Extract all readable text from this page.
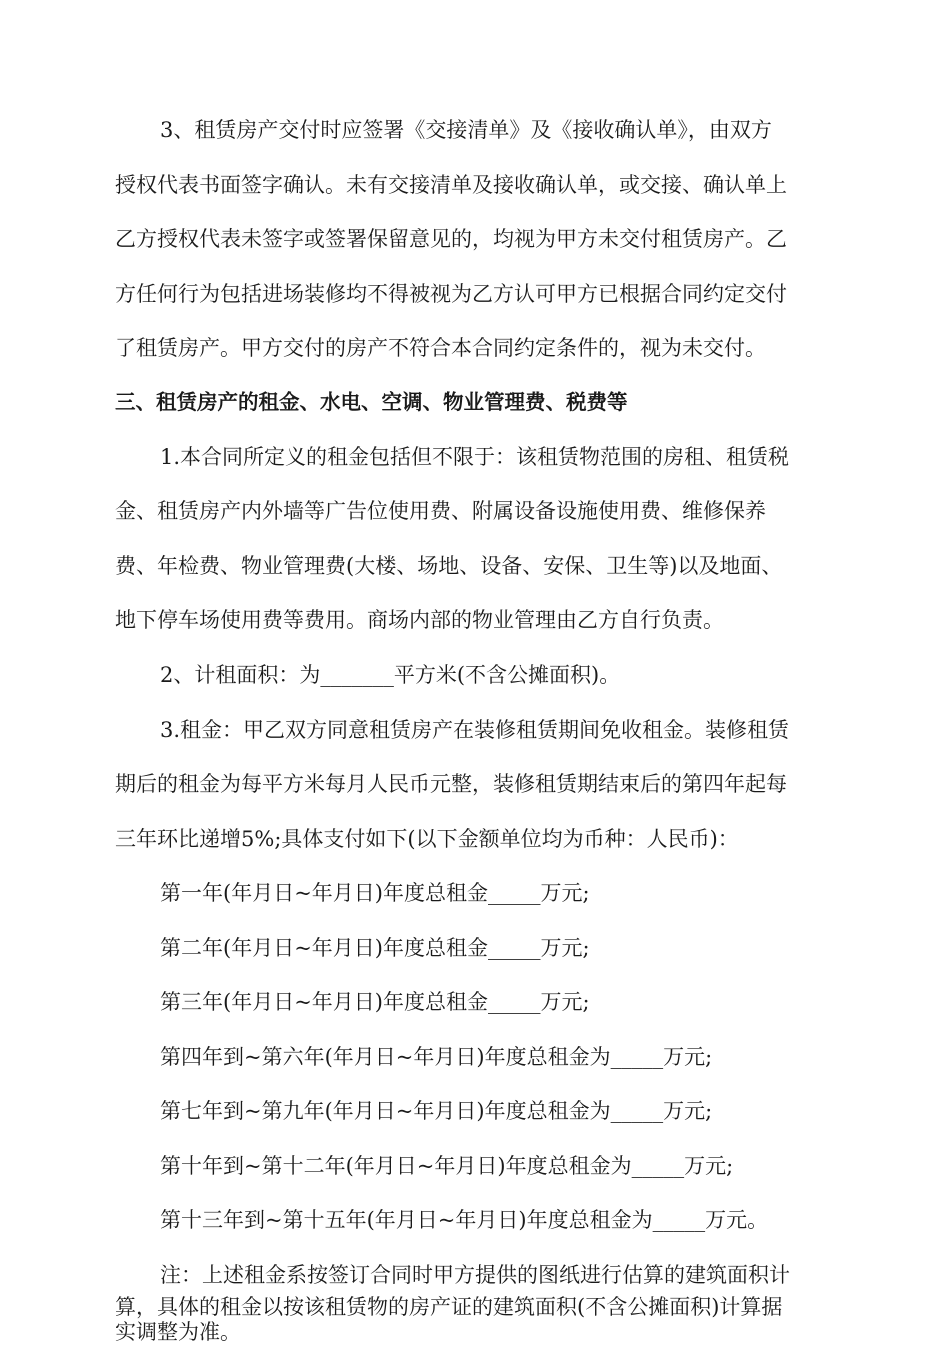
3、租赁房产交付时应签署《交接清单》及《接收确认单》，由双方
授权代表书面签字确认。未有交接清单及接收确认单，或交接、确认单上
乙方授权代表未签字或签署保留意见的，均视为甲方未交付租赁房产。乙
方任何行为包括进场装修均不得被视为乙方认可甲方已根据合同约定交付
了租赁房产。甲方交付的房产不符合本合同约定条件的，视为未交付。
三、租赁房产的租金、水电、空调、物业管理费、税费等
1.本合同所定义的租金包括但不限于：该租赁物范围的房租、租赁税
金、租赁房产内外墙等广告位使用费、附属设备设施使用费、维修保养
费、年检费、物业管理费(大楼、场地、设备、安保、卫生等)以及地面、
地下停车场使用费等费用。商场内部的物业管理由乙方自行负责。
2、计租面积：为_______平方米(不含公摊面积)。
3.租金：甲乙双方同意租赁房产在装修租赁期间免收租金。装修租赁
期后的租金为每平方米每月人民币元整，装修租赁期结束后的第四年起每
三年环比递增5%;具体支付如下(以下金额单位均为币种：人民币)：
第一年(年月日~年月日)年度总租金_____万元;
第二年(年月日~年月日)年度总租金_____万元;
第三年(年月日~年月日)年度总租金_____万元;
第四年到~第六年(年月日~年月日)年度总租金为_____万元;
第七年到~第九年(年月日~年月日)年度总租金为_____万元;
第十年到~第十二年(年月日~年月日)年度总租金为_____万元;
第十三年到~第十五年(年月日~年月日)年度总租金为_____万元。
注：上述租金系按签订合同时甲方提供的图纸进行估算的建筑面积计
算，具体的租金以按该租赁物的房产证的建筑面积(不含公摊面积)计算据
实调整为准。
